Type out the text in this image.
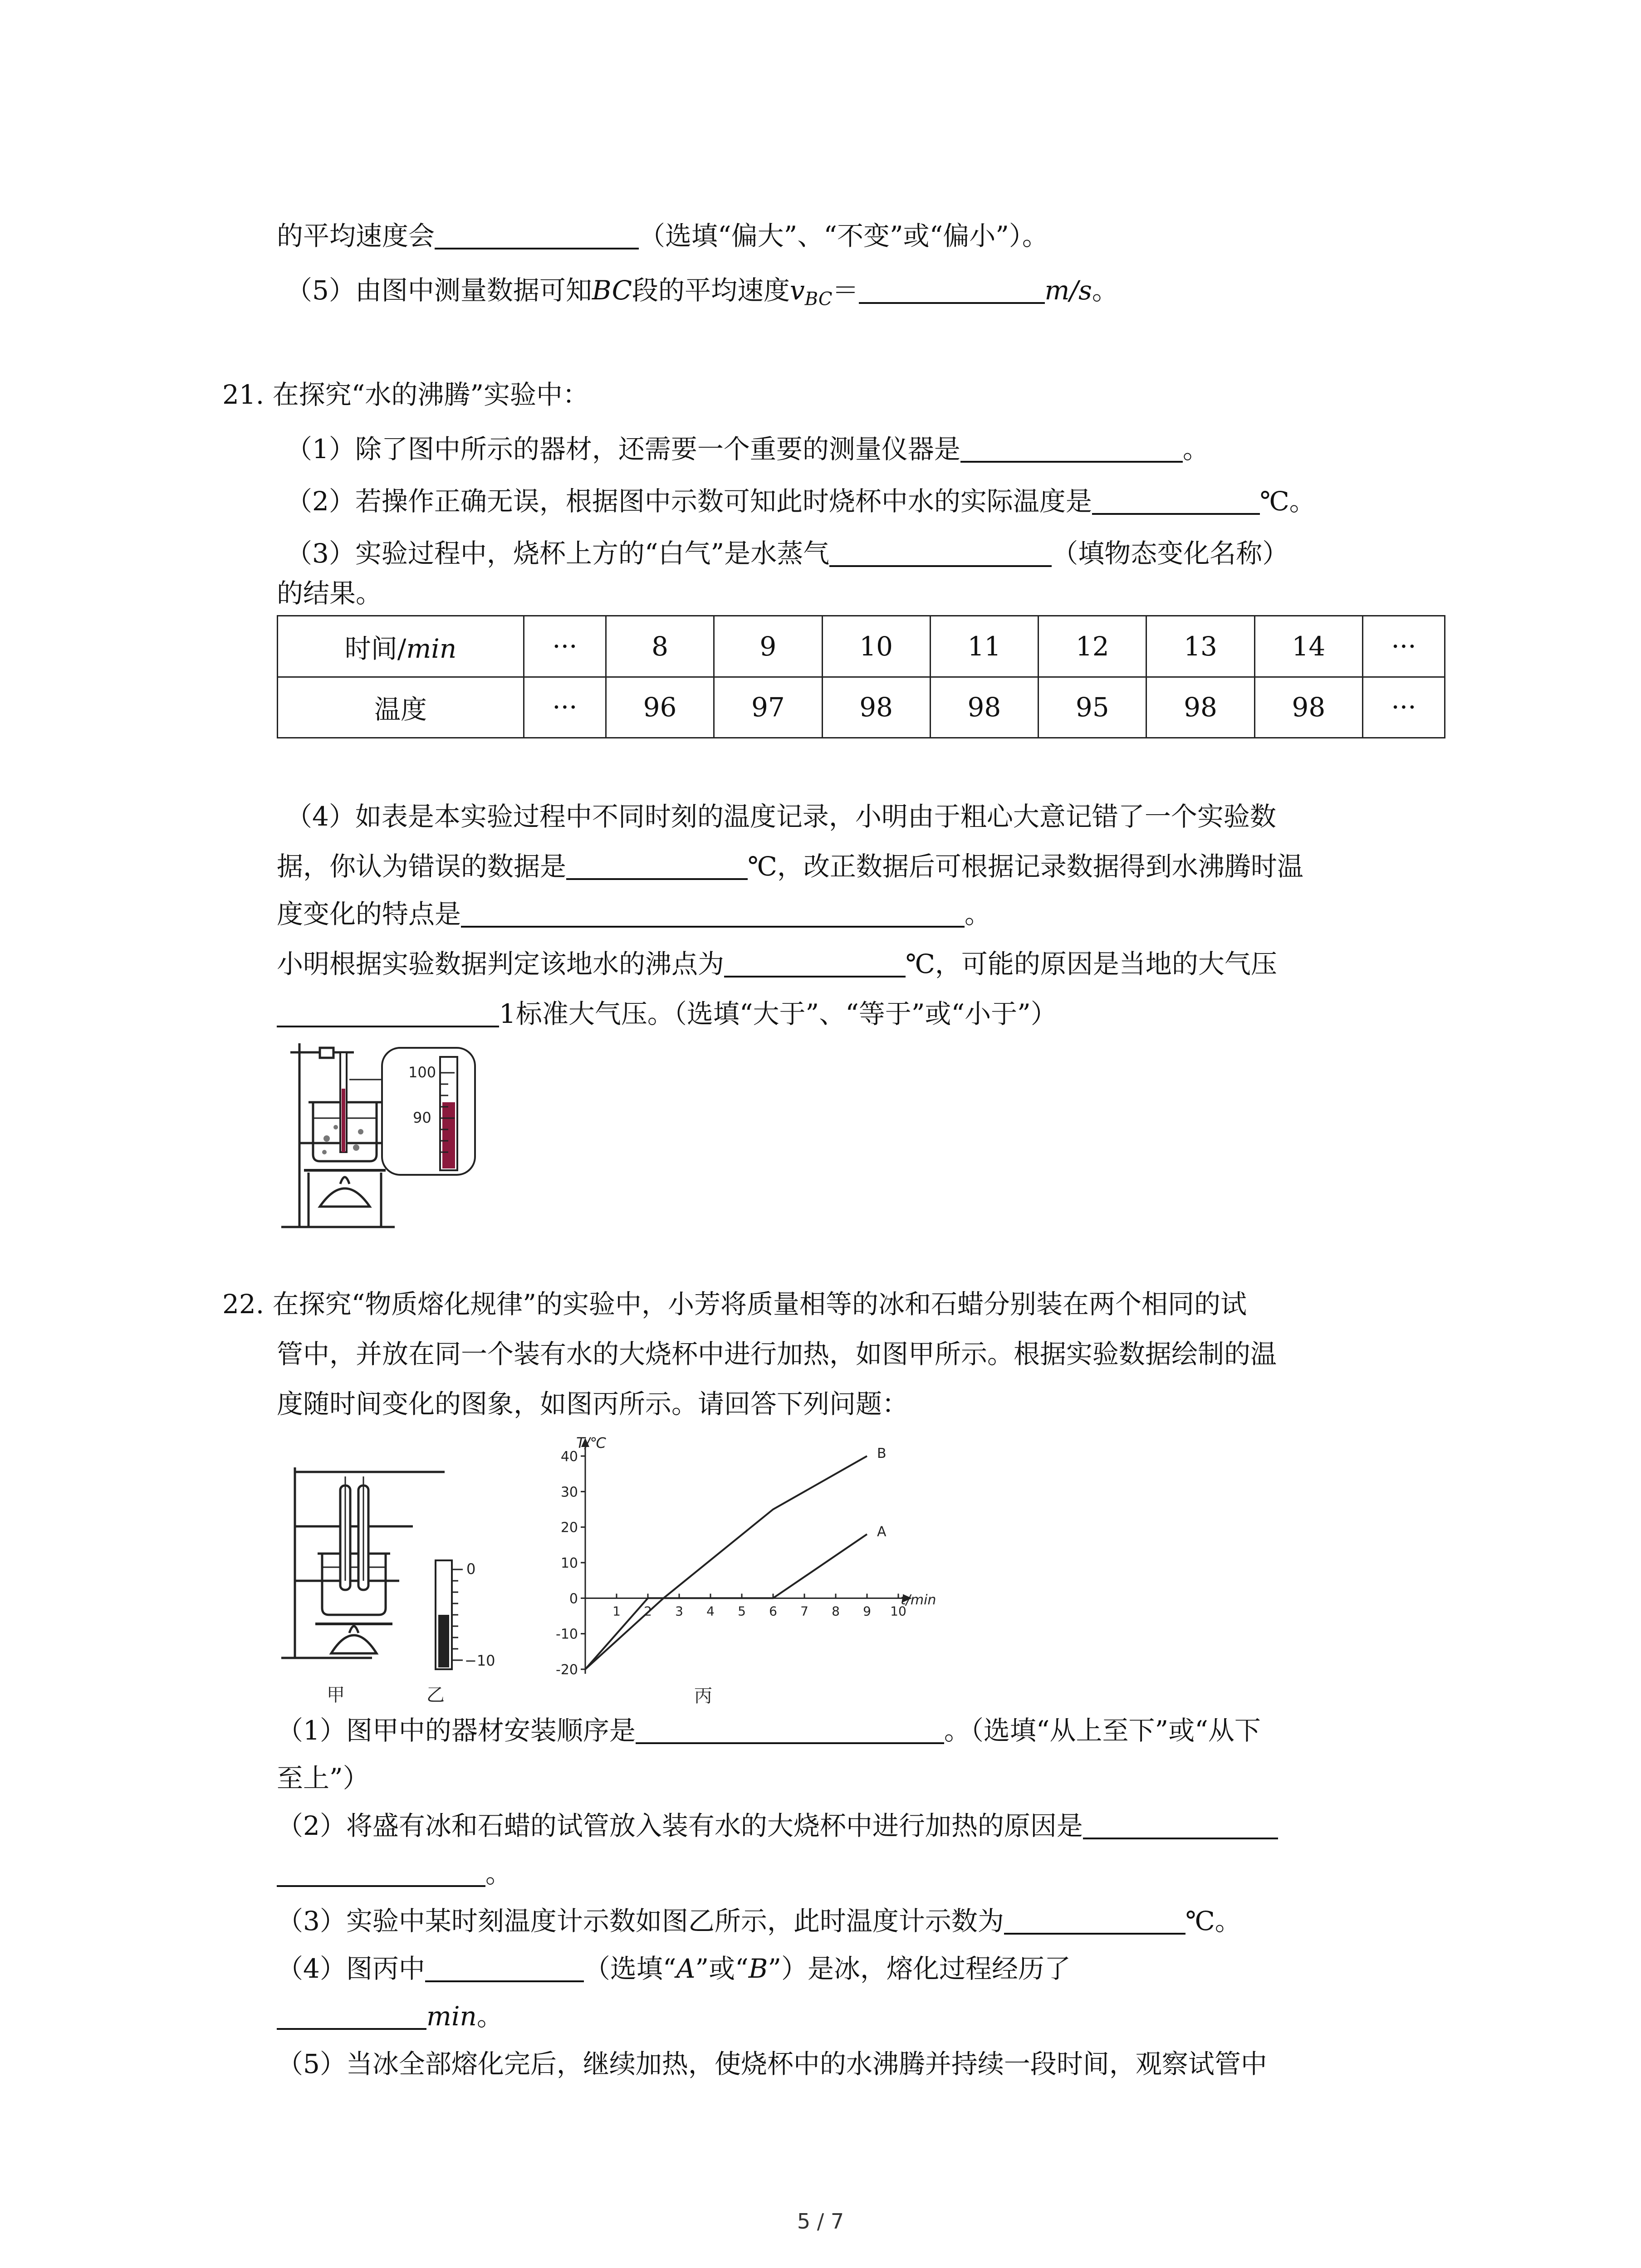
的平均速度会	（选填“偏大”、“不变”或“偏小”）。
（5）由图中测量数据可知BC段的平均速度$v_{BC}=$	m/s。
21. 在探究“水的沸腾”实验中：
（1）除了图中所示的器材，还需要一个重要的测量仪器是	。
（2）若操作正确无误，根据图中示数可知此时烧杯中水的实际温度是	℃。
（3）实验过程中，烧杯上方的“白气”是水蒸气	（填物态变化名称）
的结果。
时间/min	···	8	9	10	11	12	13	14	···
温度	···	96	97	98	98	95	98	98	···
（4）如表是本实验过程中不同时刻的温度记录，小明由于粗心大意记错了一个实验数
据，你认为错误的数据是	℃，改正数据后可根据记录数据得到水沸腾时温
度变化的特点是	。
小明根据实验数据判定该地水的沸点为	℃，可能的原因是当地的大气压
1标准大气压。（选填“大于”、“等于”或“小于”）
100
90
22. 在探究“物质熔化规律”的实验中，小芳将质量相等的冰和石蜡分别装在两个相同的试
管中，并放在同一个装有水的大烧杯中进行加热，如图甲所示。根据实验数据绘制的温
度随时间变化的图象，如图丙所示。请回答下列问题：
甲
0
−10
乙
-20
-10
0
10
20
30
40
1 2 3 4 5 6 7 8 9 10
B
A
T/℃
t/min
丙
（1）图甲中的器材安装顺序是	。（选填“从上至下”或“从下
至上”）
（2）将盛有冰和石蜡的试管放入装有水的大烧杯中进行加热的原因是
。
（3）实验中某时刻温度计示数如图乙所示，此时温度计示数为	℃。
（4）图丙中	（选填“A”或“B”）是冰，熔化过程经历了
min。
（5）当冰全部熔化完后，继续加热，使烧杯中的水沸腾并持续一段时间，观察试管中
5 / 7
